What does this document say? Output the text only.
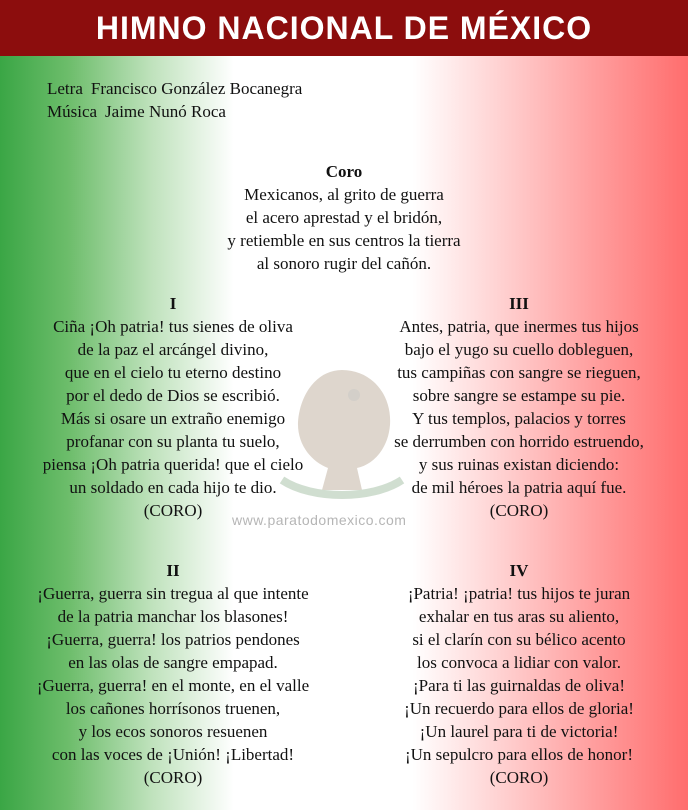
HIMNO NACIONAL DE MÉXICO
Letra Francisco González Bocanegra
Música Jaime Nunó Roca
www.paratodomexico.com
Coro
Mexicanos, al grito de guerra
el acero aprestad y el bridón,
y retiemble en sus centros la tierra
al sonoro rugir del cañón.
I
Ciña ¡Oh patria! tus sienes de oliva
de la paz el arcángel divino,
que en el cielo tu eterno destino
por el dedo de Dios se escribió.
Más si osare un extraño enemigo
profanar con su planta tu suelo,
piensa ¡Oh patria querida! que el cielo
un soldado en cada hijo te dio.
(CORO)
III
Antes, patria, que inermes tus hijos
bajo el yugo su cuello dobleguen,
tus campiñas con sangre se rieguen,
sobre sangre se estampe su pie.
Y tus templos, palacios y torres
se derrumben con horrido estruendo,
y sus ruinas existan diciendo:
de mil héroes la patria aquí fue.
(CORO)
II
¡Guerra, guerra sin tregua al que intente
de la patria manchar los blasones!
¡Guerra, guerra! los patrios pendones
en las olas de sangre empapad.
¡Guerra, guerra! en el monte, en el valle
los cañones horrísonos truenen,
y los ecos sonoros resuenen
con las voces de ¡Unión! ¡Libertad!
(CORO)
IV
¡Patria! ¡patria! tus hijos te juran
exhalar en tus aras su aliento,
si el clarín con su bélico acento
los convoca a lidiar con valor.
¡Para ti las guirnaldas de oliva!
¡Un recuerdo para ellos de gloria!
¡Un laurel para ti de victoria!
¡Un sepulcro para ellos de honor!
(CORO)
